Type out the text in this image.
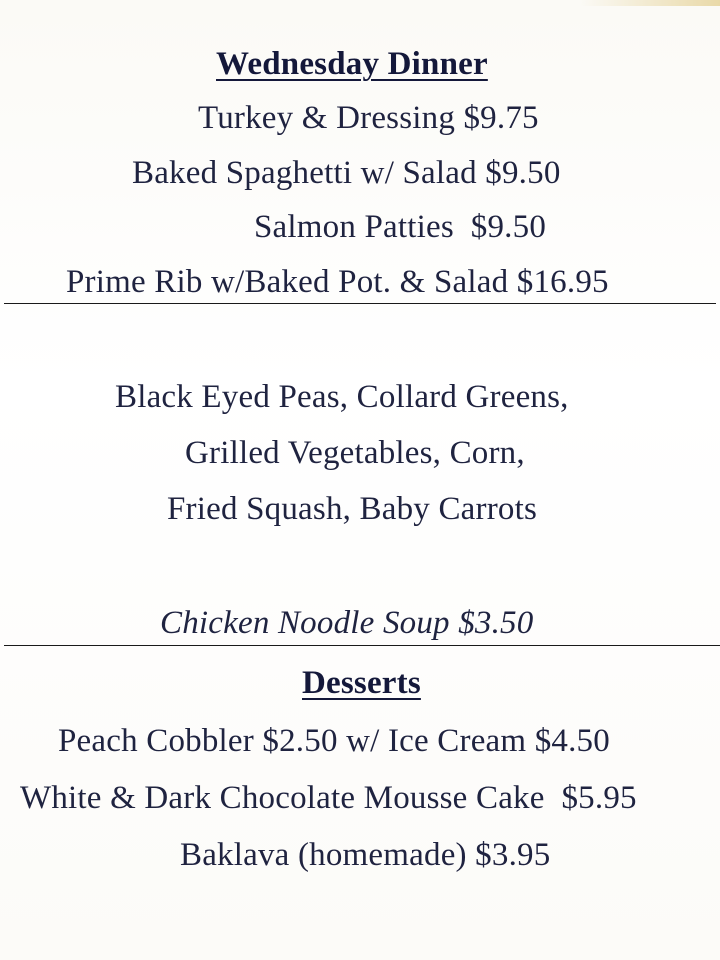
Wednesday Dinner
Turkey & Dressing $9.75
Baked Spaghetti w/ Salad $9.50
Salmon Patties  $9.50
Prime Rib w/Baked Pot. & Salad $16.95
Black Eyed Peas, Collard Greens,
Grilled Vegetables, Corn,
Fried Squash, Baby Carrots
Chicken Noodle Soup $3.50
Desserts
Peach Cobbler $2.50 w/ Ice Cream $4.50
White & Dark Chocolate Mousse Cake  $5.95
Baklava (homemade) $3.95
